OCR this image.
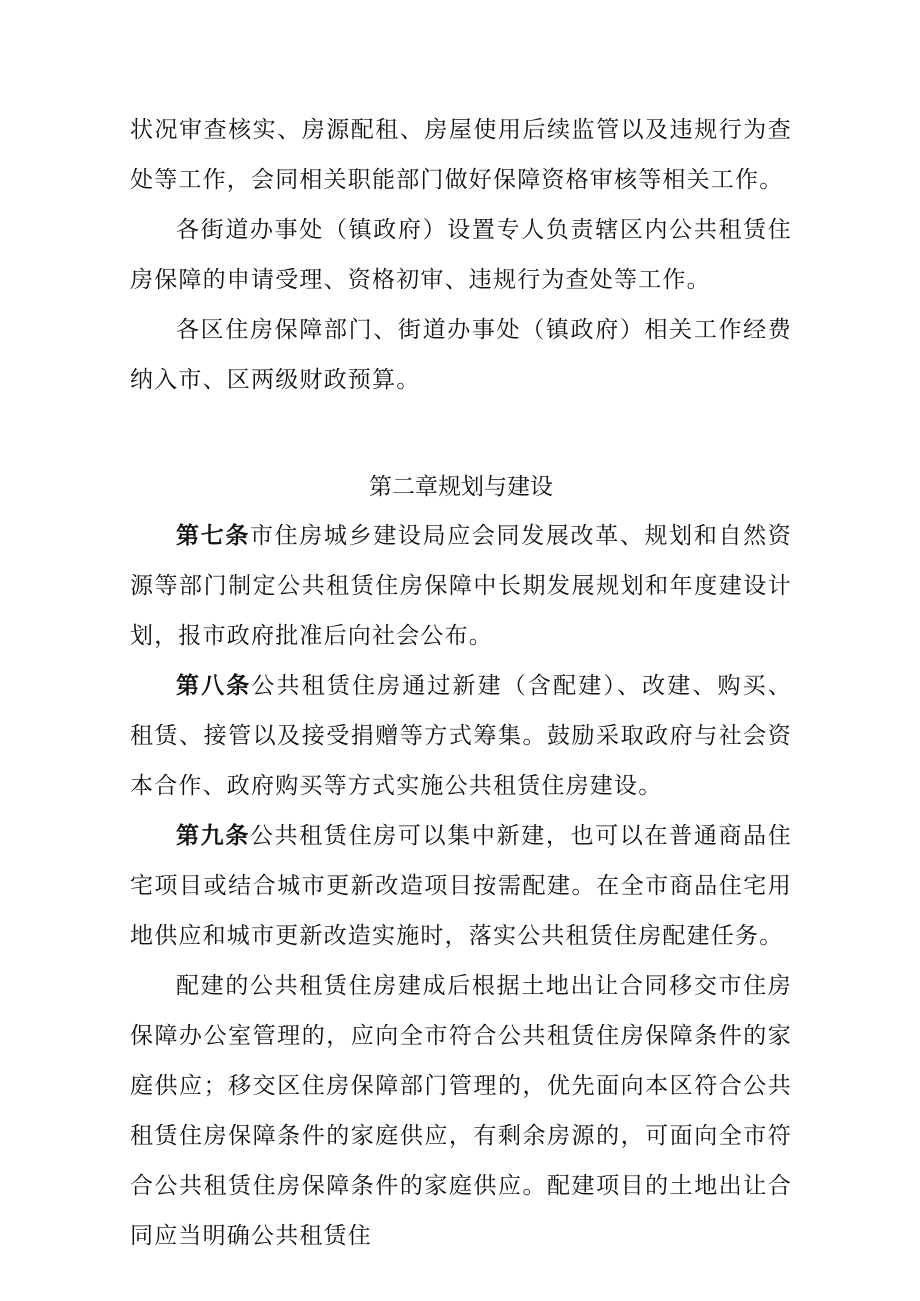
状况审查核实、房源配租、房屋使用后续监管以及违规行为查处等工作，会同相关职能部门做好保障资格审核等相关工作。

各街道办事处（镇政府）设置专人负责辖区内公共租赁住房保障的申请受理、资格初审、违规行为查处等工作。

各区住房保障部门、街道办事处（镇政府）相关工作经费纳入市、区两级财政预算。

第二章规划与建设

第七条市住房城乡建设局应会同发展改革、规划和自然资源等部门制定公共租赁住房保障中长期发展规划和年度建设计划，报市政府批准后向社会公布。

第八条公共租赁住房通过新建（含配建）、改建、购买、租赁、接管以及接受捐赠等方式筹集。鼓励采取政府与社会资本合作、政府购买等方式实施公共租赁住房建设。

第九条公共租赁住房可以集中新建，也可以在普通商品住宅项目或结合城市更新改造项目按需配建。在全市商品住宅用地供应和城市更新改造实施时，落实公共租赁住房配建任务。

配建的公共租赁住房建成后根据土地出让合同移交市住房保障办公室管理的，应向全市符合公共租赁住房保障条件的家庭供应；移交区住房保障部门管理的，优先面向本区符合公共租赁住房保障条件的家庭供应，有剩余房源的，可面向全市符合公共租赁住房保障条件的家庭供应。配建项目的土地出让合同应当明确公共租赁住
